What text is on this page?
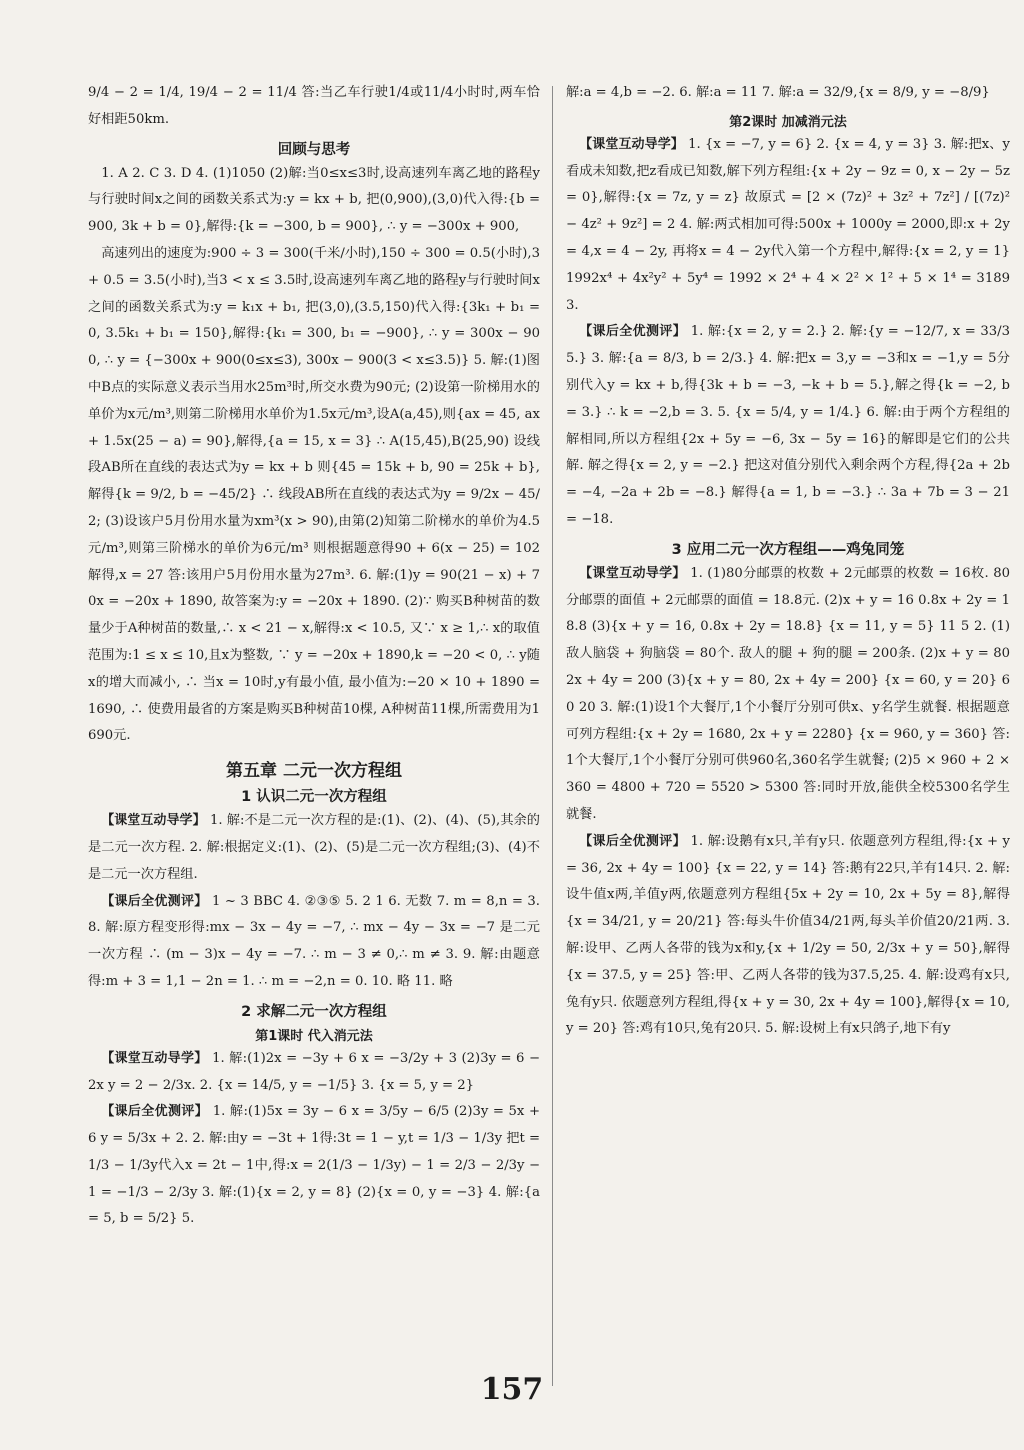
9/4 − 2 = 1/4, 19/4 − 2 = 11/4 答:当乙车行驶1/4或11/4小时时,两车恰好相距50km.

回顾与思考

1. A 2. C 3. D 4. (1)1050 (2)解:当0≤x≤3时,设高速列车离乙地的路程y与行驶时间x之间的函数关系式为:y = kx + b, 把(0,900),(3,0)代入得:{b = 900, 3k + b = 0},解得:{k = −300, b = 900}, ∴ y = −300x + 900,

高速列出的速度为:900 ÷ 3 = 300(千米/小时),150 ÷ 300 = 0.5(小时),3 + 0.5 = 3.5(小时),当3 < x ≤ 3.5时,设高速列车离乙地的路程y与行驶时间x之间的函数关系式为:y = k₁x + b₁, 把(3,0),(3.5,150)代入得:{3k₁ + b₁ = 0, 3.5k₁ + b₁ = 150},解得:{k₁ = 300, b₁ = −900}, ∴ y = 300x − 900, ∴ y = {−300x + 900(0≤x≤3), 300x − 900(3 < x≤3.5)} 5. 解:(1)图中B点的实际意义表示当用水25m³时,所交水费为90元; (2)设第一阶梯用水的单价为x元/m³,则第二阶梯用水单价为1.5x元/m³,设A(a,45),则{ax = 45, ax + 1.5x(25 − a) = 90},解得,{a = 15, x = 3} ∴ A(15,45),B(25,90) 设线段AB所在直线的表达式为y = kx + b 则{45 = 15k + b, 90 = 25k + b},解得{k = 9/2, b = −45/2} ∴ 线段AB所在直线的表达式为y = 9/2x − 45/2; (3)设该户5月份用水量为xm³(x > 90),由第(2)知第二阶梯水的单价为4.5元/m³,则第三阶梯水的单价为6元/m³ 则根据题意得90 + 6(x − 25) = 102 解得,x = 27 答:该用户5月份用水量为27m³. 6. 解:(1)y = 90(21 − x) + 70x = −20x + 1890, 故答案为:y = −20x + 1890. (2)∵ 购买B种树苗的数量少于A种树苗的数量,∴ x < 21 − x,解得:x < 10.5, 又∵ x ≥ 1,∴ x的取值范围为:1 ≤ x ≤ 10,且x为整数, ∵ y = −20x + 1890,k = −20 < 0, ∴ y随x的增大而减小, ∴ 当x = 10时,y有最小值, 最小值为:−20 × 10 + 1890 = 1690, ∴ 使费用最省的方案是购买B种树苗10棵, A种树苗11棵,所需费用为1690元.

第五章 二元一次方程组
1 认识二元一次方程组

【课堂互动导学】 1. 解:不是二元一次方程的是:(1)、(2)、(4)、(5),其余的是二元一次方程. 2. 解:根据定义:(1)、(2)、(5)是二元一次方程组;(3)、(4)不是二元一次方程组.

【课后全优测评】 1 ~ 3 BBC 4. ②③⑤ 5. 2 1 6. 无数 7. m = 8,n = 3. 8. 解:原方程变形得:mx − 3x − 4y = −7, ∴ mx − 4y − 3x = −7 是二元一次方程 ∴ (m − 3)x − 4y = −7. ∴ m − 3 ≠ 0,∴ m ≠ 3. 9. 解:由题意得:m + 3 = 1,1 − 2n = 1. ∴ m = −2,n = 0. 10. 略 11. 略

2 求解二元一次方程组
第1课时 代入消元法

【课堂互动导学】 1. 解:(1)2x = −3y + 6 x = −3/2y + 3 (2)3y = 6 − 2x y = 2 − 2/3x. 2. {x = 14/5, y = −1/5} 3. {x = 5, y = 2}

【课后全优测评】 1. 解:(1)5x = 3y − 6 x = 3/5y − 6/5 (2)3y = 5x + 6 y = 5/3x + 2. 2. 解:由y = −3t + 1得:3t = 1 − y,t = 1/3 − 1/3y 把t = 1/3 − 1/3y代入x = 2t − 1中,得:x = 2(1/3 − 1/3y) − 1 = 2/3 − 2/3y − 1 = −1/3 − 2/3y 3. 解:(1){x = 2, y = 8} (2){x = 0, y = −3} 4. 解:{a = 5, b = 5/2} 5.

解:a = 4,b = −2. 6. 解:a = 11 7. 解:a = 32/9,{x = 8/9, y = −8/9}

第2课时 加减消元法

【课堂互动导学】 1. {x = −7, y = 6} 2. {x = 4, y = 3} 3. 解:把x、y看成未知数,把z看成已知数,解下列方程组:{x + 2y − 9z = 0, x − 2y − 5z = 0},解得:{x = 7z, y = z} 故原式 = [2 × (7z)² + 3z² + 7z²] / [(7z)² − 4z² + 9z²] = 2 4. 解:两式相加可得:500x + 1000y = 2000,即:x + 2y = 4,x = 4 − 2y, 再将x = 4 − 2y代入第一个方程中,解得:{x = 2, y = 1} 1992x⁴ + 4x²y² + 5y⁴ = 1992 × 2⁴ + 4 × 2² × 1² + 5 × 1⁴ = 31893.

【课后全优测评】 1. 解:{x = 2, y = 2.} 2. 解:{y = −12/7, x = 33/35.} 3. 解:{a = 8/3, b = 2/3.} 4. 解:把x = 3,y = −3和x = −1,y = 5分别代入y = kx + b,得{3k + b = −3, −k + b = 5.},解之得{k = −2, b = 3.} ∴ k = −2,b = 3. 5. {x = 5/4, y = 1/4.} 6. 解:由于两个方程组的解相同,所以方程组{2x + 5y = −6, 3x − 5y = 16}的解即是它们的公共解. 解之得{x = 2, y = −2.} 把这对值分别代入剩余两个方程,得{2a + 2b = −4, −2a + 2b = −8.} 解得{a = 1, b = −3.} ∴ 3a + 7b = 3 − 21 = −18.

3 应用二元一次方程组——鸡兔同笼

【课堂互动导学】 1. (1)80分邮票的枚数 + 2元邮票的枚数 = 16枚. 80分邮票的面值 + 2元邮票的面值 = 18.8元. (2)x + y = 16 0.8x + 2y = 18.8 (3){x + y = 16, 0.8x + 2y = 18.8} {x = 11, y = 5} 11 5 2. (1)敌人脑袋 + 狗脑袋 = 80个. 敌人的腿 + 狗的腿 = 200条. (2)x + y = 80 2x + 4y = 200 (3){x + y = 80, 2x + 4y = 200} {x = 60, y = 20} 60 20 3. 解:(1)设1个大餐厅,1个小餐厅分别可供x、y名学生就餐. 根据题意可列方程组:{x + 2y = 1680, 2x + y = 2280} {x = 960, y = 360} 答:1个大餐厅,1个小餐厅分别可供960名,360名学生就餐; (2)5 × 960 + 2 × 360 = 4800 + 720 = 5520 > 5300 答:同时开放,能供全校5300名学生就餐.

【课后全优测评】 1. 解:设鹅有x只,羊有y只. 依题意列方程组,得:{x + y = 36, 2x + 4y = 100} {x = 22, y = 14} 答:鹅有22只,羊有14只. 2. 解:设牛值x两,羊值y两,依题意列方程组{5x + 2y = 10, 2x + 5y = 8},解得{x = 34/21, y = 20/21} 答:每头牛价值34/21两,每头羊价值20/21两. 3. 解:设甲、乙两人各带的钱为x和y,{x + 1/2y = 50, 2/3x + y = 50},解得{x = 37.5, y = 25} 答:甲、乙两人各带的钱为37.5,25. 4. 解:设鸡有x只,兔有y只. 依题意列方程组,得{x + y = 30, 2x + 4y = 100},解得{x = 10, y = 20} 答:鸡有10只,兔有20只. 5. 解:设树上有x只鸽子,地下有y

157
